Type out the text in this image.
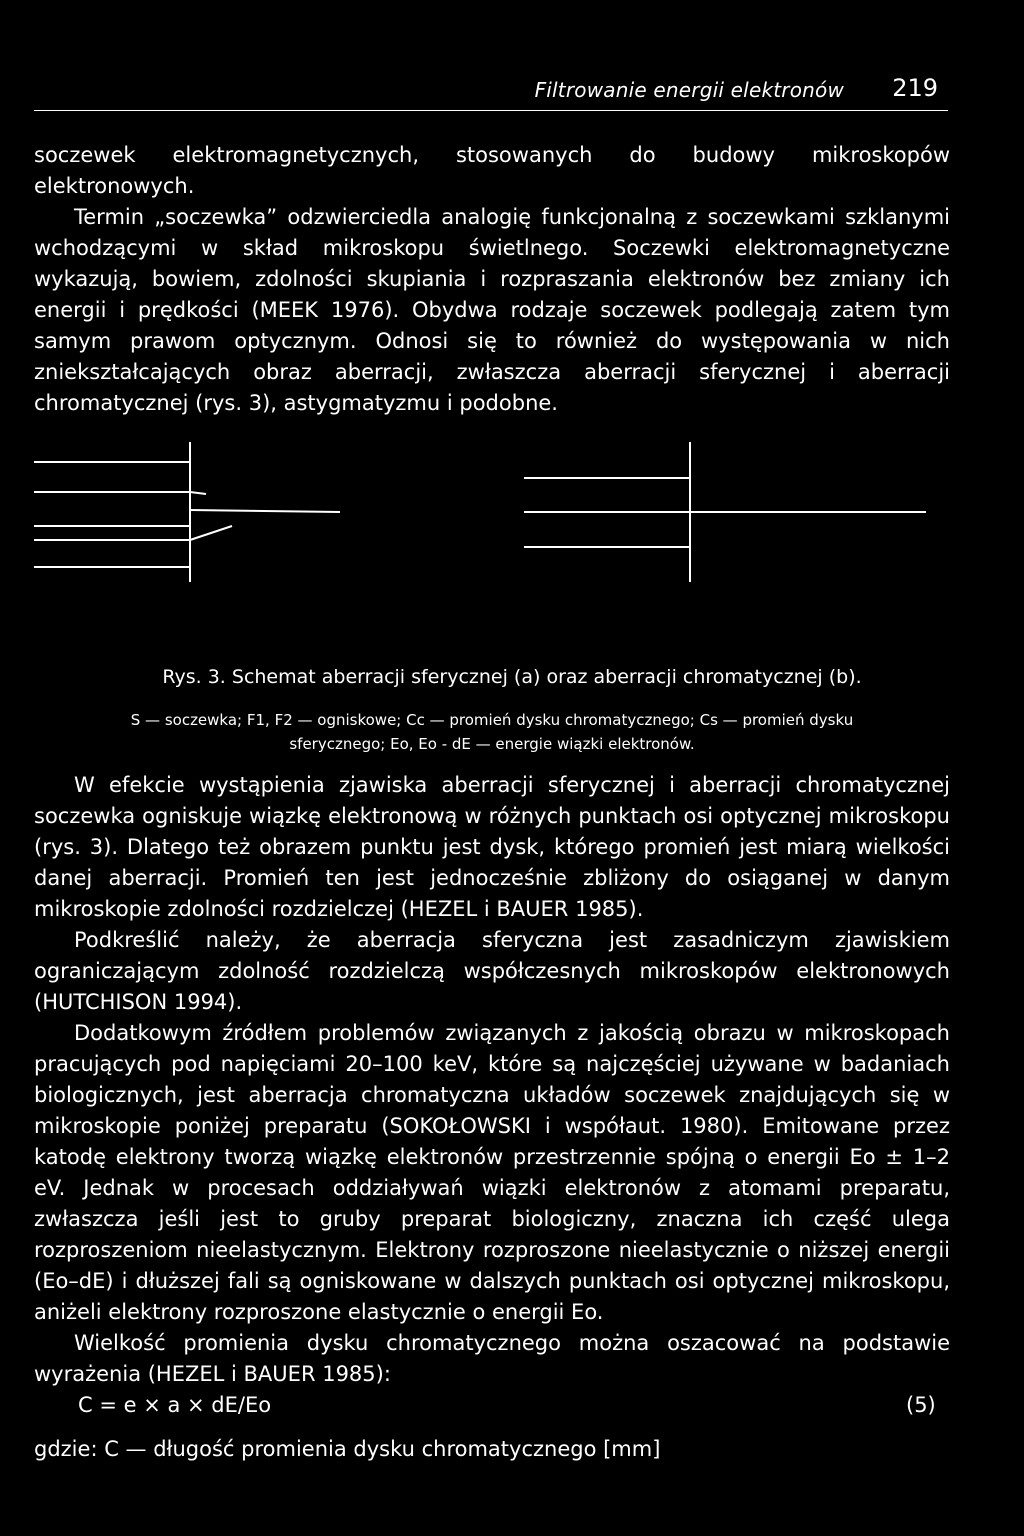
Filtrowanie energii elektronów 219

soczewek elektromagnetycznych, stosowanych do budowy mikroskopów elektronowych.

Termin „soczewka” odzwierciedla analogię funkcjonalną z soczewkami szklanymi wchodzącymi w skład mikroskopu świetlnego. Soczewki elektromagnetyczne wykazują, bowiem, zdolności skupiania i rozpraszania elektronów bez zmiany ich energii i prędkości (MEEK 1976). Obydwa rodzaje soczewek podlegają zatem tym samym prawom optycznym. Odnosi się to również do występowania w nich zniekształcających obraz aberracji, zwłaszcza aberracji sferycznej i aberracji chromatycznej (rys. 3), astygmatyzmu i podobne.

Rys. 3. Schemat aberracji sferycznej (a) oraz aberracji chromatycznej (b).
S — soczewka; F1, F2 — ogniskowe; Cc — promień dysku chromatycznego; Cs — promień dysku
sferycznego; Eo, Eo - dE — energie wiązki elektronów.

W efekcie wystąpienia zjawiska aberracji sferycznej i aberracji chromatycznej soczewka ogniskuje wiązkę elektronową w różnych punktach osi optycznej mikroskopu (rys. 3). Dlatego też obrazem punktu jest dysk, którego promień jest miarą wielkości danej aberracji. Promień ten jest jednocześnie zbliżony do osiąganej w danym mikroskopie zdolności rozdzielczej (HEZEL i BAUER 1985).

Podkreślić należy, że aberracja sferyczna jest zasadniczym zjawiskiem ograniczającym zdolność rozdzielczą współczesnych mikroskopów elektronowych (HUTCHISON 1994).

Dodatkowym źródłem problemów związanych z jakością obrazu w mikroskopach pracujących pod napięciami 20–100 keV, które są najczęściej używane w badaniach biologicznych, jest aberracja chromatyczna układów soczewek znajdujących się w mikroskopie poniżej preparatu (SOKOŁOWSKI i współaut. 1980). Emitowane przez katodę elektrony tworzą wiązkę elektronów przestrzennie spójną o energii Eo ± 1–2 eV. Jednak w procesach oddziaływań wiązki elektronów z atomami preparatu, zwłaszcza jeśli jest to gruby preparat biologiczny, znaczna ich część ulega rozproszeniom nieelastycznym. Elektrony rozproszone nieelastycznie o niższej energii (Eo–dE) i dłuższej fali są ogniskowane w dalszych punktach osi optycznej mikroskopu, aniżeli elektrony rozproszone elastycznie o energii Eo.

Wielkość promienia dysku chromatycznego można oszacować na podstawie wyrażenia (HEZEL i BAUER 1985):

C = e × a × dE/Eo	(5)
gdzie: C — długość promienia dysku chromatycznego [mm]
